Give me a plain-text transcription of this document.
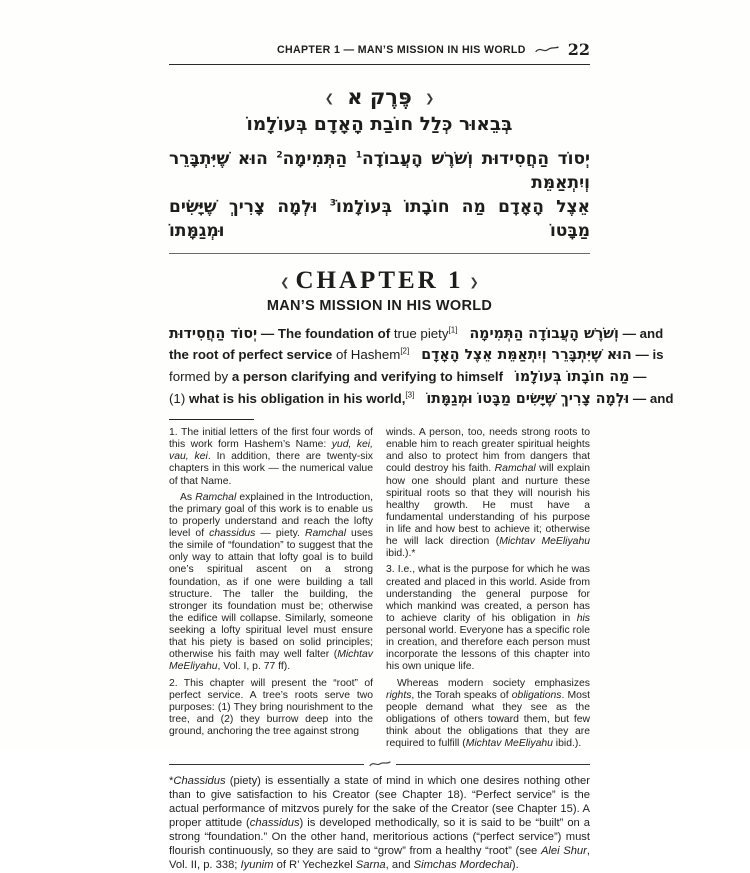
CHAPTER 1 — MAN’S MISSION IN HIS WORLD	22
❮ פֶּרֶק א ❯
בְּבֵאוּר כְּלַל חוֹבַת הָאָדָם בְּעוֹלָמוֹ
יְסוֹד הַחֲסִידוּת וְשֹׁרֶשׁ הָעֲבוֹדָה$^1$ הַתְּמִימָה$^2$ הוּא שֶׁיִּתְבָּרֵר וְיִתְאַמֵּת
אֵצֶל הָאָדָם מַה חוֹבָתוֹ בְּעוֹלָמוֹ$^3$ וּלְמָה צָרִיךְ שֶׁיָּשִׂים מַבָּטוֹ וּמְגַמָּתוֹ
❮ CHAPTER 1 ❯
MAN’S MISSION IN HIS WORLD
יְסוֹד הַחֲסִידוּת — The foundation of true piety[1] וְשֹׁרֶשׁ הָעֲבוֹדָה הַתְּמִימָה — and
the root of perfect service of Hashem[2] הוּא שֶׁיִּתְבָּרֵר וְיִתְאַמֵּת אֵצֶל הָאָדָם — is
formed by a person clarifying and verifying to himself מַה חוֹבָתוֹ בְּעוֹלָמוֹ —
(1) what is his obligation in his world,[3] וּלְמָה צָרִיךְ שֶׁיָּשִׂים מַבָּטוֹ וּמְגַמָּתוֹ — and

1. The initial letters of the first four words of this work form Hashem’s Name: yud, kei, vau, kei. In addition, there are twenty-six chapters in this work — the numerical value of that Name.

As Ramchal explained in the Introduction, the primary goal of this work is to enable us to properly understand and reach the lofty level of chassidus — piety. Ramchal uses the simile of “foundation” to suggest that the only way to attain that lofty goal is to build one’s spiritual ascent on a strong foundation, as if one were building a tall structure. The taller the building, the stronger its foundation must be; otherwise the edifice will collapse. Similarly, someone seeking a lofty spiritual level must ensure that his piety is based on solid principles; otherwise his faith may well falter (Michtav MeEliyahu, Vol. I, p. 77 ff).

2. This chapter will present the “root” of perfect service. A tree’s roots serve two purposes: (1) They bring nourishment to the tree, and (2) they burrow deep into the ground, anchoring the tree against strong

winds. A person, too, needs strong roots to enable him to reach greater spiritual heights and also to protect him from dangers that could destroy his faith. Ramchal will explain how one should plant and nurture these spiritual roots so that they will nourish his healthy growth. He must have a fundamental understanding of his purpose in life and how best to achieve it; otherwise he will lack direction (Michtav MeEliyahu ibid.).*

3. I.e., what is the purpose for which he was created and placed in this world. Aside from understanding the general purpose for which mankind was created, a person has to achieve clarity of his obligation in his personal world. Everyone has a specific role in creation, and therefore each person must incorporate the lessons of this chapter into his own unique life.

Whereas modern society emphasizes rights, the Torah speaks of obligations. Most people demand what they see as the obligations of others toward them, but few think about the obligations that they are required to fulfill (Michtav MeEliyahu ibid.).

*Chassidus (piety) is essentially a state of mind in which one desires nothing other than to give satisfaction to his Creator (see Chapter 18). “Perfect service” is the actual performance of mitzvos purely for the sake of the Creator (see Chapter 15). A proper attitude (chassidus) is developed methodically, so it is said to be “built” on a strong “foundation.” On the other hand, meritorious actions (“perfect service”) must flourish continuously, so they are said to “grow” from a healthy “root” (see Alei Shur, Vol. II, p. 338; Iyunim of R’ Yechezkel Sarna, and Simchas Mordechai).
